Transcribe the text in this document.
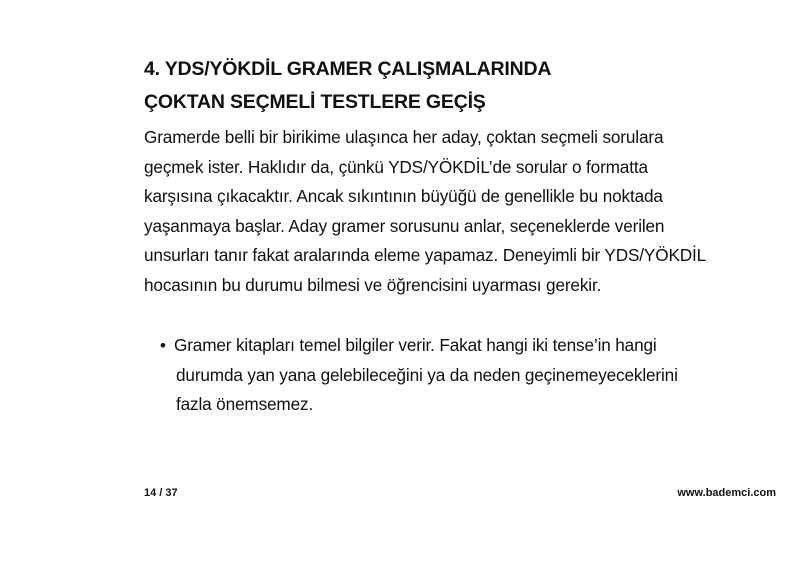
4. YDS/YÖKDİL GRAMER ÇALIŞMALARINDA
ÇOKTAN SEÇMELİ TESTLERE GEÇİŞ
Gramerde belli bir birikime ulaşınca her aday, çoktan seçmeli sorulara
geçmek ister. Haklıdır da, çünkü YDS/YÖKDİL’de sorular o formatta
karşısına çıkacaktır. Ancak sıkıntının büyüğü de genellikle bu noktada
yaşanmaya başlar. Aday gramer sorusunu anlar, seçeneklerde verilen
unsurları tanır fakat aralarında eleme yapamaz. Deneyimli bir YDS/YÖKDİL
hocasının bu durumu bilmesi ve öğrencisini uyarması gerekir.
• Gramer kitapları temel bilgiler verir. Fakat hangi iki tense’in hangi
durumda yan yana gelebileceğini ya da neden geçinemeyeceklerini
fazla önemsemez.
14 / 37	www.bademci.com
